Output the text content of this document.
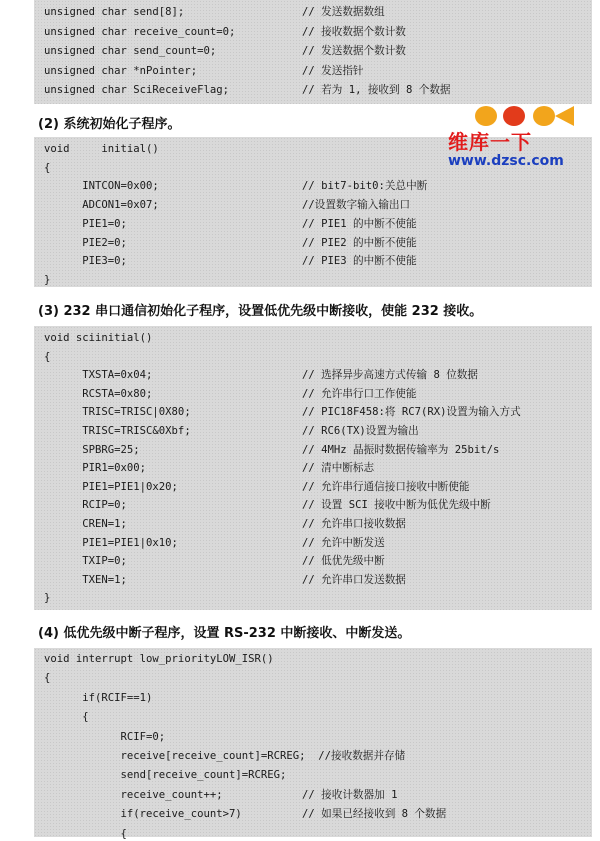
unsigned char send[8];	// 发送数据数组
unsigned char receive_count=0;	// 接收数据个数计数
unsigned char send_count=0;	// 发送数据个数计数
unsigned char *nPointer;	// 发送指针
unsigned char SciReceiveFlag;	// 若为 1, 接收到 8 个数据
(2) 系统初始化子程序。
void     initial()
{
INTCON=0x00;	// bit7-bit0:关总中断
ADCON1=0x07;	//设置数字输入输出口
PIE1=0;	// PIE1 的中断不使能
PIE2=0;	// PIE2 的中断不使能
PIE3=0;	// PIE3 的中断不使能
}
(3) 232 串口通信初始化子程序，设置低优先级中断接收，使能 232 接收。
void sciinitial()
{
TXSTA=0x04;	// 选择异步高速方式传输 8 位数据
RCSTA=0x80;	// 允许串行口工作使能
TRISC=TRISC|0X80;	// PIC18F458:将 RC7(RX)设置为输入方式
TRISC=TRISC&0Xbf;	// RC6(TX)设置为输出
SPBRG=25;	// 4MHz 晶振时数据传输率为 25bit/s
PIR1=0x00;	// 清中断标志
PIE1=PIE1|0x20;	// 允许串行通信接口接收中断使能
RCIP=0;	// 设置 SCI 接收中断为低优先级中断
CREN=1;	// 允许串口接收数据
PIE1=PIE1|0x10;	// 允许中断发送
TXIP=0;	// 低优先级中断
TXEN=1;	// 允许串口发送数据
}
(4) 低优先级中断子程序，设置 RS-232 中断接收、中断发送。
void interrupt low_priorityLOW_ISR()
{
if(RCIF==1)
{
RCIF=0;
receive[receive_count]=RCREG;  //接收数据并存储
send[receive_count]=RCREG;
receive_count++;	// 接收计数器加 1
if(receive_count>7)	// 如果已经接收到 8 个数据
{
维库一下
www.dzsc.com
